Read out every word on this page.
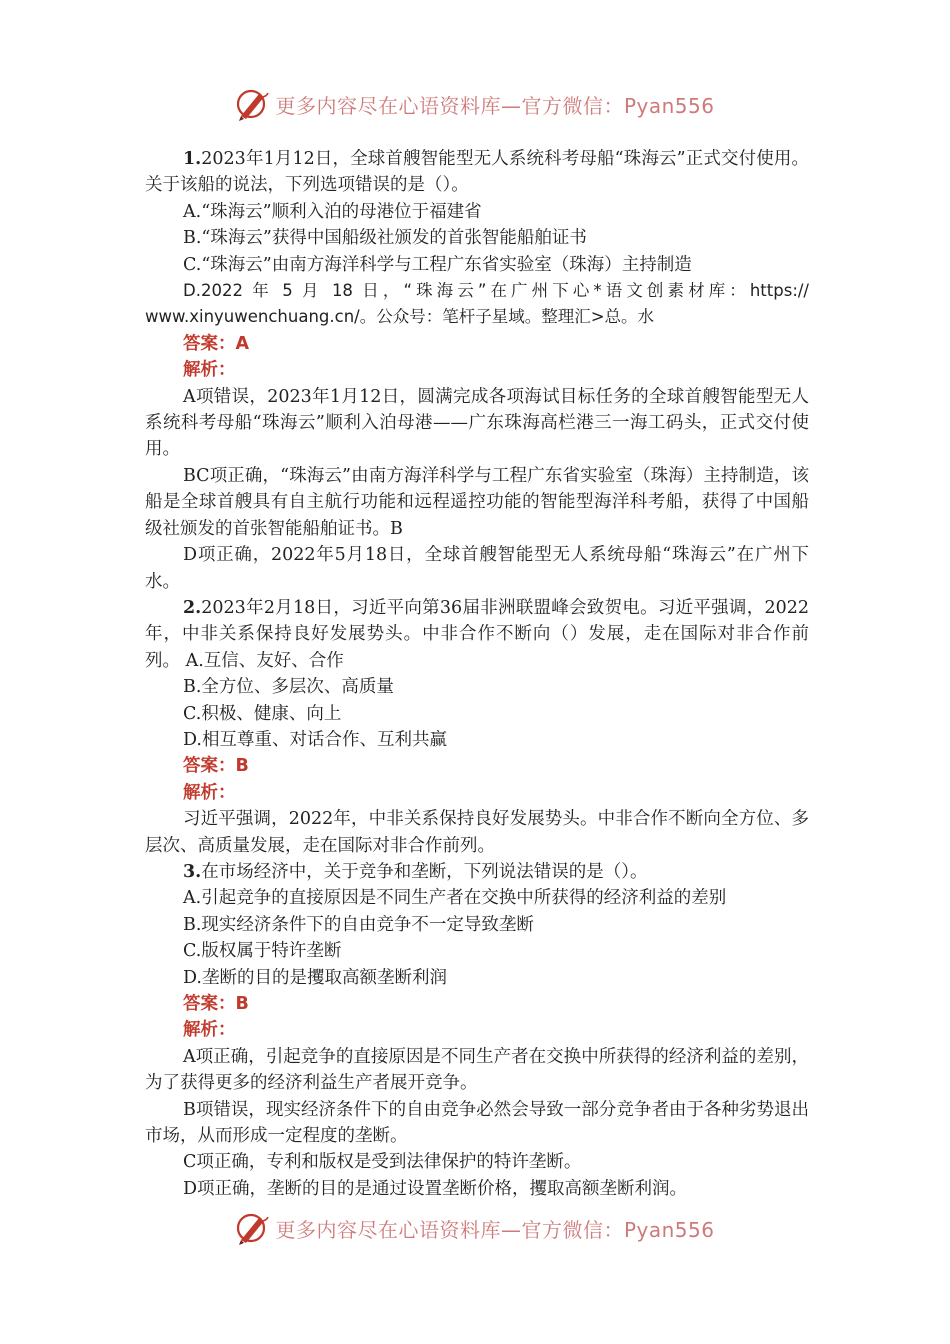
更多内容尽在心语资料库—官方微信：Pyan556

1.2023年1月12日，全球首艘智能型无人系统科考母船“珠海云”正式交付使用。关于该船的说法，下列选项错误的是（）。

A.“珠海云”顺利入泊的母港位于福建省

B.“珠海云”获得中国船级社颁发的首张智能船舶证书

C.“珠海云”由南方海洋科学与工程广东省实验室（珠海）主持制造

D.2022 年 5 月 18 日，“珠海云”在广州下心*语文创素材库：https:// www.xinyuwenchuang.cn/。公众号：笔杆子星域。整理汇>总。水

答案：A

解析：

A项错误，2023年1月12日，圆满完成各项海试目标任务的全球首艘智能型无人系统科考母船“珠海云”顺利入泊母港——广东珠海高栏港三一海工码头，正式交付使用。

BC项正确，“珠海云”由南方海洋科学与工程广东省实验室（珠海）主持制造，该船是全球首艘具有自主航行功能和远程遥控功能的智能型海洋科考船，获得了中国船级社颁发的首张智能船舶证书。B

D项正确，2022年5月18日，全球首艘智能型无人系统母船“珠海云”在广州下水。

2.2023年2月18日，习近平向第36届非洲联盟峰会致贺电。习近平强调，2022年，中非关系保持良好发展势头。中非合作不断向（）发展，走在国际对非合作前列。 A.互信、友好、合作

B.全方位、多层次、高质量

C.积极、健康、向上

D.相互尊重、对话合作、互利共赢

答案：B

解析：

习近平强调，2022年，中非关系保持良好发展势头。中非合作不断向全方位、多层次、高质量发展，走在国际对非合作前列。

3.在市场经济中，关于竞争和垄断，下列说法错误的是（）。

A.引起竞争的直接原因是不同生产者在交换中所获得的经济利益的差别

B.现实经济条件下的自由竞争不一定导致垄断

C.版权属于特许垄断

D.垄断的目的是攫取高额垄断利润

答案：B

解析：

A项正确，引起竞争的直接原因是不同生产者在交换中所获得的经济利益的差别，为了获得更多的经济利益生产者展开竞争。

B项错误，现实经济条件下的自由竞争必然会导致一部分竞争者由于各种劣势退出市场，从而形成一定程度的垄断。

C项正确，专利和版权是受到法律保护的特许垄断。

D项正确，垄断的目的是通过设置垄断价格，攫取高额垄断利润。

更多内容尽在心语资料库—官方微信：Pyan556
